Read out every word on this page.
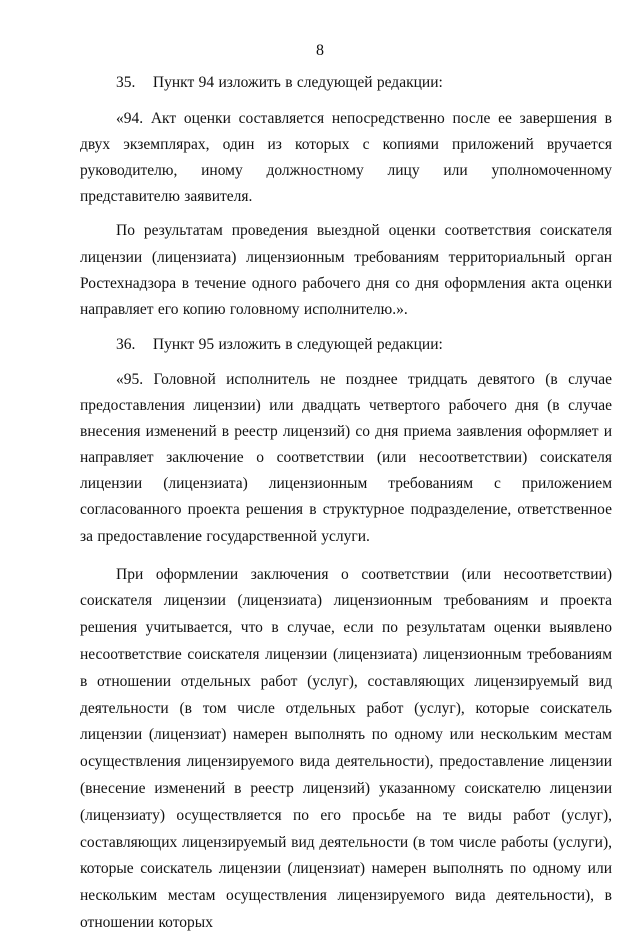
8

35.    Пункт 94 изложить в следующей редакции:

«94. Акт оценки составляется непосредственно после ее завершения в двух экземплярах, один из которых с копиями приложений вручается руководителю, иному должностному лицу или уполномоченному представителю заявителя.

По результатам проведения выездной оценки соответствия соискателя лицензии (лицензиата) лицензионным требованиям территориальный орган Ростехнадзора в течение одного рабочего дня со дня оформления акта оценки направляет его копию головному исполнителю.».

36.    Пункт 95 изложить в следующей редакции:

«95. Головной исполнитель не позднее тридцать девятого (в случае предоставления лицензии) или двадцать четвертого рабочего дня (в случае внесения изменений в реестр лицензий) со дня приема заявления оформляет и направляет заключение о соответствии (или несоответствии) соискателя лицензии (лицензиата) лицензионным требованиям с приложением согласованного проекта решения в структурное подразделение, ответственное за предоставление государственной услуги.

При оформлении заключения о соответствии (или несоответствии) соискателя лицензии (лицензиата) лицензионным требованиям и проекта решения учитывается, что в случае, если по результатам оценки выявлено несоответствие соискателя лицензии (лицензиата) лицензионным требованиям в отношении отдельных работ (услуг), составляющих лицензируемый вид деятельности (в том числе отдельных работ (услуг), которые соискатель лицензии (лицензиат) намерен выполнять по одному или нескольким местам осуществления лицензируемого вида деятельности), предоставление лицензии (внесение изменений в реестр лицензий) указанному соискателю лицензии (лицензиату) осуществляется по его просьбе на те виды работ (услуг), составляющих лицензируемый вид деятельности (в том числе работы (услуги), которые соискатель лицензии (лицензиат) намерен выполнять по одному или нескольким местам осуществления лицензируемого вида деятельности), в отношении которых
